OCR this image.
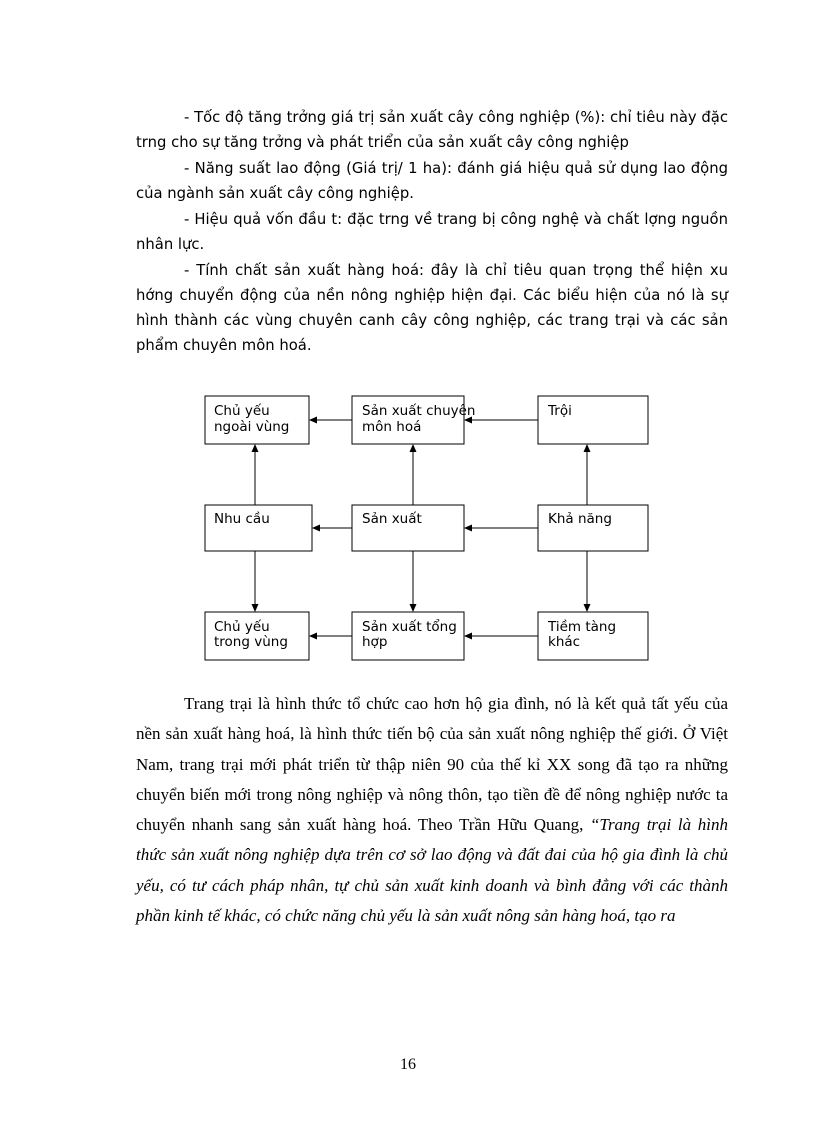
- Tốc độ tăng trởng giá trị sản xuất cây công nghiệp (%): chỉ tiêu này đặc trng cho sự tăng trởng và phát triển của sản xuất cây công nghiệp

- Năng suất lao động (Giá trị/ 1 ha): đánh giá hiệu quả sử dụng lao động của ngành sản xuất cây công nghiệp.

- Hiệu quả vốn đầu t: đặc trng về trang bị công nghệ và chất lợng nguồn nhân lực.

- Tính chất sản xuất hàng hoá: đây là chỉ tiêu quan trọng thể hiện xu hớng chuyển động của nền nông nghiệp hiện đại. Các biểu hiện của nó là sự hình thành các vùng chuyên canh cây công nghiệp, các trang trại và các sản phẩm chuyên môn hoá.

Chủ yếu
ngoài vùng
Sản xuất chuyên
môn hoá
Trội
Nhu cầu	Sản xuất	Khả năng
Chủ yếu
trong vùng
Sản xuất tổng
hợp
Tiềm tàng
khác

Trang trại là hình thức tổ chức cao hơn hộ gia đình, nó là kết quả tất yếu của nền sản xuất hàng hoá, là hình thức tiến bộ của sản xuất nông nghiệp thế giới. Ở Việt Nam, trang trại mới phát triển từ thập niên 90 của thế kỉ XX song đã tạo ra những chuyển biến mới trong nông nghiệp và nông thôn, tạo tiền đề để nông nghiệp nước ta chuyển nhanh sang sản xuất hàng hoá. Theo Trần Hữu Quang, “Trang trại là hình thức sản xuất nông nghiệp dựa trên cơ sở lao động và đất đai của hộ gia đình là chủ yếu, có tư cách pháp nhân, tự chủ sản xuất kinh doanh và bình đẳng với các thành phần kinh tế khác, có chức năng chủ yếu là sản xuất nông sản hàng hoá, tạo ra

16
